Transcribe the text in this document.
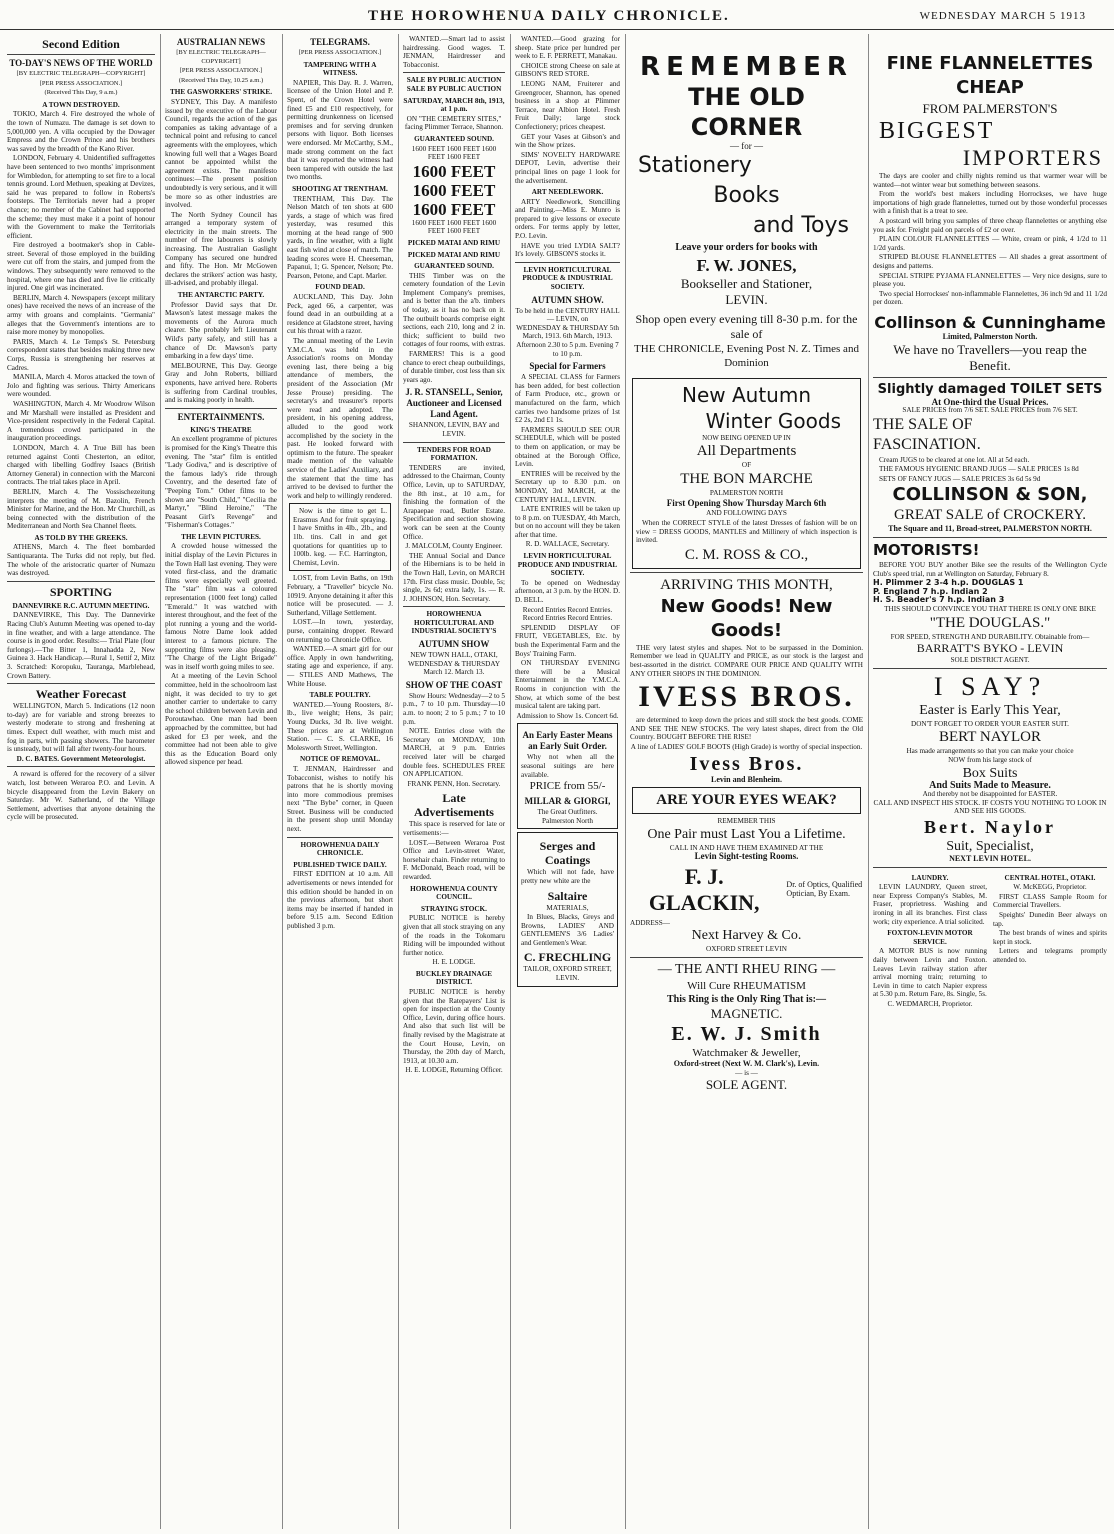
THE HOROWHENUA DAILY CHRONICLE.	WEDNESDAY MARCH 5 1913
Second Edition
TO-DAY'S NEWS OF THE WORLD
[BY ELECTRIC TELEGRAPH—COPYRIGHT]
[PER PRESS ASSOCIATION.]
(Received This Day, 9 a.m.)
A TOWN DESTROYED.
TOKIO, March 4. Fire destroyed the whole of the town of Numazu. The damage is set down to 5,000,000 yen. A villa occupied by the Dowager Empress and the Crown Prince and his brothers was saved by the breadth of the Kano River.
LONDON, February 4. Unidentified suffragettes have been sentenced to two months' imprisonment for Wimbledon, for attempting to set fire to a local tennis ground. Lord Methuen, speaking at Devizes, said he was prepared to follow in Roberts's footsteps. The Territorials never had a proper chance; no member of the Cabinet had supported the scheme; they must make it a point of honour with the Government to make the Territorials efficient.
Fire destroyed a bootmaker's shop in Cable-street. Several of those employed in the building were cut off from the stairs, and jumped from the windows. They subsequently were removed to the hospital, where one has died and five lie critically injured. One girl was incinerated.
BERLIN, March 4. Newspapers (except military ones) have received the news of an increase of the army with groans and complaints. "Germania" alleges that the Government's intentions are to raise more money by monopolies.
PARIS, March 4. Le Temps's St. Petersburg correspondent states that besides making three new Corps, Russia is strengthening her reserves at Cadres.
MANILA, March 4. Moros attacked the town of Jolo and fighting was serious. Thirty Americans were wounded.
WASHINGTON, March 4. Mr Woodrow Wilson and Mr Marshall were installed as President and Vice-president respectively in the Federal Capital. A tremendous crowd participated in the inauguration proceedings.
LONDON, March 4. A True Bill has been returned against Conti Chesterton, an editor, charged with libelling Godfrey Isaacs (British Attorney General) in connection with the Marconi contracts. The trial takes place in April.
BERLIN, March 4. The Vossischezeitung interprets the meeting of M. Bazolin, French Minister for Marine, and the Hon. Mr Churchill, as being connected with the distribution of the Mediterranean and North Sea Channel fleets.
AS TOLD BY THE GREEKS.
ATHENS, March 4. The fleet bombarded Santiquaranta. The Turks did not reply, but fled. The whole of the aristocratic quarter of Numazu was destroyed.
SPORTING
DANNEVIRKE R.C. AUTUMN MEETING.
DANNEVIRKE, This Day. The Dannevirke Racing Club's Autumn Meeting was opened to-day in fine weather, and with a large attendance. The course is in good order. Results:— Trial Plate (four furlongs).—The Bitter 1, Innahadda 2, New Guinea 3. Hack Handicap.—Rural 1, Settif 2, Mitz 3. Scratched: Koropuku, Tauranga, Marblehead, Crown Battery.
Weather Forecast
WELLINGTON, March 5. Indications (12 noon to-day) are for variable and strong breezes to westerly moderate to strong and freshening at times. Expect dull weather, with much mist and fog in parts, with passing showers. The barometer is unsteady, but will fall after twenty-four hours.
D. C. BATES. Government Meteorologist.
A reward is offered for the recovery of a silver watch, lost between Weraroa P.O. and Levin. A bicycle disappeared from the Levin Bakery on Saturday. Mr W. Satherland, of the Village Settlement, advertises that anyone detaining the cycle will be prosecuted.
AUSTRALIAN NEWS
[BY ELECTRIC TELEGRAPH—COPYRIGHT]
[PER PRESS ASSOCIATION.]
(Received This Day, 10.25 a.m.)
THE GASWORKERS' STRIKE.
SYDNEY, This Day. A manifesto issued by the executive of the Labour Council, regards the action of the gas companies as taking advantage of a technical point and refusing to cancel agreements with the employees, which knowing full well that a Wages Board cannot be appointed whilst the agreement exists. The manifesto continues:—The present position undoubtedly is very serious, and it will be more so as other industries are involved.
The North Sydney Council has arranged a temporary system of electricity in the main streets. The number of free labourers is slowly increasing. The Australian Gaslight Company has secured one hundred and fifty. The Hon. Mr McGowen declares the strikers' action was hasty, ill-advised, and probably illegal.
THE ANTARCTIC PARTY.
Professor David says that Dr. Mawson's latest message makes the movements of the Aurora much clearer. She probably left Lieutenant Wild's party safely, and still has a chance of Dr. Mawson's party embarking in a few days' time.
MELBOURNE, This Day. George Gray and John Roberts, billiard exponents, have arrived here. Roberts is suffering from Cardinal troubles, and is making poorly in health.
ENTERTAINMENTS.
KING'S THEATRE
An excellent programme of pictures is promised for the King's Theatre this evening. The "star" film is entitled "Lady Godiva," and is descriptive of the famous lady's ride through Coventry, and the deserted fate of "Peeping Tom." Other films to be shown are "South Child," "Cecilia the Martyr," "Blind Heroine," "The Peasant Girl's Revenge" and "Fisherman's Cottages."
THE LEVIN PICTURES.
A crowded house witnessed the initial display of the Levin Pictures in the Town Hall last evening. They were voted first-class, and the dramatic films were especially well greeted. The "star" film was a coloured representation (1000 feet long) called "Emerald." It was watched with interest throughout, and the feet of the plot running a young and the world-famous Notre Dame look added interest to a famous picture. The supporting films were also pleasing. "The Charge of the Light Brigade" was in itself worth going miles to see.
At a meeting of the Levin School committee, held in the schoolroom last night, it was decided to try to get another carrier to undertake to carry the school children between Levin and Poroutawhao. One man had been approached by the committee, but had asked for £3 per week, and the committee had not been able to give this as the Education Board only allowed sixpence per head.
TELEGRAMS.
[PER PRESS ASSOCIATION.]
TAMPERING WITH A WITNESS.
NAPIER, This Day. R. J. Warren, licensee of the Union Hotel and P. Spent, of the Crown Hotel were fined £5 and £10 respectively, for permitting drunkenness on licensed premises and for serving drunken persons with liquor. Both licenses were endorsed. Mr McCarthy, S.M., made strong comment on the fact that it was reported the witness had been tampered with outside the last two months.
SHOOTING AT TRENTHAM.
TRENTHAM, This Day. The Nelson Match of ten shots at 600 yards, a stage of which was fired yesterday, was resumed this morning at the head range of 900 yards, in fine weather, with a light east fish wind at close of match. The leading scores were H. Cheeseman, Papanui, 1; G. Spencer, Nelson; Pte. Pearson, Petone, and Capt. Marler.
FOUND DEAD.
AUCKLAND, This Day. John Peck, aged 66, a carpenter, was found dead in an outbuilding at a residence at Gladstone street, having cut his throat with a razor.
The annual meeting of the Levin Y.M.C.A. was held in the Association's rooms on Monday evening last, there being a big attendance of members, the president of the Association (Mr Jesse Prouse) presiding. The secretary's and treasurer's reports were read and adopted. The president, in his opening address, alluded to the good work accomplished by the society in the past. He looked forward with optimism to the future. The speaker made mention of the valuable service of the Ladies' Auxiliary, and the statement that the time has arrived to be devised to further the work and help to willingly rendered.
Now is the time to get L. Erasmus And for fruit spraying. I have Smiths in 4lb., 2lb., and 1lb. tins. Call in and get quotations for quantities up to 100lb. keg. — F.C. Harrington, Chemist, Levin.
LOST, from Levin Baths, on 19th February, a "Traveller" bicycle No. 10919. Anyone detaining it after this notice will be prosecuted. — J. Sutherland, Village Settlement.
LOST.—In town, yesterday, purse, containing dropper. Reward on returning to Chronicle Office.
WANTED.—A smart girl for our office. Apply in own handwriting, stating age and experience, if any. — STILES AND Mathews, The White House.
TABLE POULTRY.
WANTED.—Young Roosters, 8/- lb., live weight; Hens, 3s pair; Young Ducks, 3d lb. live weight. These prices are at Wellington Station. — C. S. CLARKE, 16 Molesworth Street, Wellington.
NOTICE OF REMOVAL.
T. JENMAN, Hairdresser and Tobacconist, wishes to notify his patrons that he is shortly moving into more commodious premises next "The Bybe" corner, in Queen Street. Business will be conducted in the present shop until Monday next.
HOROWHENUA DAILY CHRONICLE.
PUBLISHED TWICE DAILY.
FIRST EDITION at 10 a.m. All advertisements or news intended for this edition should be handed in on the previous afternoon, but short items may be inserted if handed in before 9.15 a.m. Second Edition published 3 p.m.
WANTED.—Smart lad to assist hairdressing. Good wages. T. JENMAN, Hairdresser and Tobacconist.
SALE BY PUBLIC AUCTION SALE BY PUBLIC AUCTION
SATURDAY, MARCH 8th, 1913, at 1 p.m.
ON "THE CEMETERY SITES," facing Plimmer Terrace, Shannon.
GUARANTEED SOUND.
1600 FEET 1600 FEET 1600 FEET 1600 FEET
1600 FEET
1600 FEET
1600 FEET
1600 FEET 1600 FEET 1600 FEET 1600 FEET
PICKED MATAI AND RIMU
PICKED MATAI AND RIMU
GUARANTEED SOUND.
THIS Timber was on the cemetery foundation of the Levin Implement Company's premises, and is better than the a'b. timbers of today, as it has no back on it. The outbuilt boards comprise eight sections, each 210, long and 2 in. thick; sufficient to build two cottages of four rooms, with extras.
FARMERS! This is a good chance to erect cheap outbuildings, of durable timber, cost less than six years ago.
J. R. STANSELL, Senior, Auctioneer and Licensed Land Agent.
SHANNON, LEVIN, BAY and LEVIN.
TENDERS FOR ROAD FORMATION.
TENDERS are invited, addressed to the Chairman, County Office, Levin, up to SATURDAY, the 8th inst., at 10 a.m., for finishing the formation of the Arapaepae road, Butler Estate. Specification and section showing work can be seen at the County Office.
J. MALCOLM, County Engineer.
THE Annual Social and Dance of the Hibernians is to be held in the Town Hall, Levin, on MARCH 17th. First class music. Double, 5s; single, 2s 6d; extra lady, 1s. — R. J. JOHNSON, Hon. Secretary.
HOROWHENUA HORTICULTURAL AND INDUSTRIAL SOCIETY'S
AUTUMN SHOW
NEW TOWN HALL, OTAKI,
WEDNESDAY & THURSDAY March 12. March 13.
SHOW OF THE COAST
Show Hours: Wednesday—2 to 5 p.m., 7 to 10 p.m. Thursday—10 a.m. to noon; 2 to 5 p.m.; 7 to 10 p.m.
NOTE. Entries close with the Secretary on MONDAY, 10th MARCH, at 9 p.m. Entries received later will be charged double fees. SCHEDULES FREE ON APPLICATION.
FRANK PENN, Hon. Secretary.
Late Advertisements
This space is reserved for late or vertisements:—
LOST.—Between Weraroa Post Office and Levin-street Water, horsehair chain. Finder returning to F. McDonald, Beach road, will be rewarded.
HOROWHENUA COUNTY COUNCIL.
STRAYING STOCK.
PUBLIC NOTICE is hereby given that all stock straying on any of the roads in the Tokomaru Riding will be impounded without further notice.
H. E. LODGE.
BUCKLEY DRAINAGE DISTRICT.
PUBLIC NOTICE is hereby given that the Ratepayers' List is open for inspection at the County Office, Levin, during office hours. And also that such list will be finally revised by the Magistrate at the Court House, Levin, on Thursday, the 20th day of March, 1913, at 10.30 a.m.
H. E. LODGE, Returning Officer.
WANTED.—Good grazing for sheep. State price per hundred per week to E. F. PERRETT, Manakau.
CHOICE strong Cheese on sale at GIBSON'S RED STORE.
LEONG NAM, Fruiterer and Greengrocer, Shannon, has opened business in a shop at Plimmer Terrace, near Albion Hotel. Fresh Fruit Daily; large stock Confectionery; prices cheapest.
GET your Vases at Gibson's and win the Show prizes.
SIMS' NOVELTY HARDWARE DEPOT, Levin, advertise their principal lines on page 1 look for the advertisement.
ART NEEDLEWORK.
ARTY Needlework, Stencilling and Painting.—Miss E. Munro is prepared to give lessons or execute orders. For terms apply by letter, P.O. Levin.
HAVE you tried LYDIA SALT? It's lovely. GIBSON'S stocks it.
LEVIN HORTICULTURAL PRODUCE & INDUSTRIAL SOCIETY.
AUTUMN SHOW.
To be held in the CENTURY HALL — LEVIN, on
WEDNESDAY & THURSDAY 5th March, 1913. 6th March, 1913.
Afternoon 2.30 to 5 p.m. Evening 7 to 10 p.m.
Special for Farmers
A SPECIAL CLASS for Farmers has been added, for best collection of Farm Produce, etc., grown or manufactured on the farm, which carries two handsome prizes of 1st £2 2s, 2nd £1 1s.
FARMERS SHOULD SEE OUR SCHEDULE, which will be posted to them on application, or may be obtained at the Borough Office, Levin.
ENTRIES will be received by the Secretary up to 8.30 p.m. on MONDAY, 3rd MARCH, at the CENTURY HALL, LEVIN.
LATE ENTRIES will be taken up to 8 p.m. on TUESDAY, 4th March, but on no account will they be taken after that time.
R. D. WALLACE, Secretary.
LEVIN HORTICULTURAL PRODUCE AND INDUSTRIAL SOCIETY.
To be opened on Wednesday afternoon, at 3 p.m. by the HON. D. D. BELL.
Record Entries Record Entries. Record Entries Record Entries.
SPLENDID DISPLAY OF FRUIT, VEGETABLES, Etc. by bush the Experimental Farm and the Boys' Training Farm.
ON THURSDAY EVENING there will be a Musical Entertainment in the Y.M.C.A. Rooms in conjunction with the Show, at which some of the best musical talent are taking part.
Admission to Show 1s. Concert 6d.
An Early Easter Means an Early Suit Order.
Why not when all the seasonal suitings are here available.
PRICE from 55/-
MILLAR & GIORGI,
The Great Outfitters.
Palmerston North
Serges and Coatings
Which will not fade, have pretty new white are the
Saltaire
MATERIALS,
In Blues, Blacks, Greys and Browns, LADIES' AND GENTLEMEN'S 3/6 Ladies' and Gentlemen's Wear.
C. FRECHLING
TAILOR, OXFORD STREET, LEVIN.
REMEMBER
THE OLD CORNER
— for —
Stationery
Books
and Toys
Leave your orders for books with
F. W. JONES,
Bookseller and Stationer,
LEVIN.
Shop open every evening till 8-30 p.m. for the sale of
THE CHRONICLE, Evening Post N. Z. Times and Dominion
New Autumn
Winter Goods
NOW BEING OPENED UP IN
All Departments
OF
THE BON MARCHE
PALMERSTON NORTH
First Opening Show Thursday March 6th
AND FOLLOWING DAYS
When the CORRECT STYLE of the latest Dresses of fashion will be on view = DRESS GOODS, MANTLES and Millinery of which inspection is invited.
C. M. ROSS & CO.,
ARRIVING THIS MONTH,
New Goods! New Goods!
THE very latest styles and shapes. Not to be surpassed in the Dominion. Remember we lead in QUALITY and PRICE, as our stock is the largest and best-assorted in the district. COMPARE OUR PRICE AND QUALITY WITH ANY OTHER SHOPS IN THE DOMINION.
IVESS BROS.
are determined to keep down the prices and still stock the best goods. COME AND SEE THE NEW STOCKS. The very latest shapes, direct from the Old Country. BOUGHT BEFORE THE RISE!
A line of LADIES' GOLF BOOTS (High Grade) is worthy of special inspection.
Ivess Bros.
Levin and Blenheim.
ARE YOUR EYES WEAK?
REMEMBER THIS
One Pair must Last You a Lifetime.
CALL IN AND HAVE THEM EXAMINED AT THE
Levin Sight-testing Rooms.
F. J. GLACKIN,
Dr. of Optics, Qualified Optician, By Exam.
ADDRESS—
Next Harvey & Co.
OXFORD STREET LEVIN
— THE ANTI RHEU RING —
Will Cure RHEUMATISM
This Ring is the Only Ring That is:—
MAGNETIC.
E. W. J. Smith
Watchmaker & Jeweller,
Oxford-street (Next W. M. Clark's), Levin.
— is —
SOLE AGENT.
FINE FLANNELETTES
CHEAP
FROM PALMERSTON'S
BIGGEST
IMPORTERS
The days are cooler and chilly nights remind us that warmer wear will be wanted—not winter wear but something between seasons.
From the world's best makers including Horrockses, we have huge importations of high grade flannelettes, turned out by those wonderful processes with a finish that is a treat to see.
A postcard will bring you samples of three cheap flannelettes or anything else you ask for. Freight paid on parcels of £2 or over.
PLAIN COLOUR FLANNELETTES — White, cream or pink, 4 1/2d to 11 1/2d yards.
STRIPED BLOUSE FLANNELETTES — All shades a great assortment of designs and patterns.
SPECIAL STRIPE PYJAMA FLANNELETTES — Very nice designs, sure to please you.
Two special Horrockses' non-inflammable Flannelettes, 36 inch 9d and 11 1/2d per dozen.
Collinson & Cunninghame
Limited, Palmerston North.
We have no Travellers—you reap the Benefit.
Slightly damaged TOILET SETS
At One-third the Usual Prices.
SALE PRICES from 7/6 SET. SALE PRICES from 7/6 SET.
THE SALE OF FASCINATION.
Cream JUGS to be cleared at one lot. All at 5d each.
THE FAMOUS HYGIENIC BRAND JUGS — SALE PRICES 1s 8d
SETS OF FANCY JUGS — SALE PRICES 3s 6d 5s 9d
COLLINSON & SON,
GREAT SALE of CROCKERY.
The Square and 11, Broad-street, PALMERSTON NORTH.
MOTORISTS!
BEFORE YOU BUY another Bike see the results of the Wellington Cycle Club's speed trial, run at Wellington on Saturday, February 8.
H. Plimmer 2 3-4 h.p. DOUGLAS 1
P. England 7 h.p. Indian 2
H. S. Beader's 7 h.p. Indian 3
THIS SHOULD CONVINCE YOU THAT THERE IS ONLY ONE BIKE
"THE DOUGLAS."
FOR SPEED, STRENGTH AND DURABILITY. Obtainable from—
BARRATT'S BYKO - LEVIN
SOLE DISTRICT AGENT.
I SAY?
Easter is Early This Year,
DON'T FORGET TO ORDER YOUR EASTER SUIT.
BERT NAYLOR
Has made arrangements so that you can make your choice
NOW from his large stock of
Box Suits
And Suits Made to Measure.
And thereby not be disappointed for EASTER.
CALL AND INSPECT HIS STOCK. IF COSTS YOU NOTHING TO LOOK IN AND SEE HIS GOODS.
Bert. Naylor
Suit, Specialist,
NEXT LEVIN HOTEL.
LAUNDRY.
LEVIN LAUNDRY, Queen street, near Express Company's Stables, M. Fraser, proprietress. Washing and ironing in all its branches. First class work; city experience. A trial solicited.
FOXTON-LEVIN MOTOR SERVICE.
A MOTOR BUS is now running daily between Levin and Foxton. Leaves Levin railway station after arrival morning train; returning to Levin in time to catch Napier express at 5.30 p.m. Return Fare, 8s. Single, 5s.
C. WEDMARCH, Proprietor.
CENTRAL HOTEL, OTAKI.
W. McKEGG, Proprietor.
FIRST CLASS Sample Room for Commercial Travellers.
Speights' Dunedin Beer always on tap.
The best brands of wines and spirits kept in stock.
Letters and telegrams promptly attended to.
